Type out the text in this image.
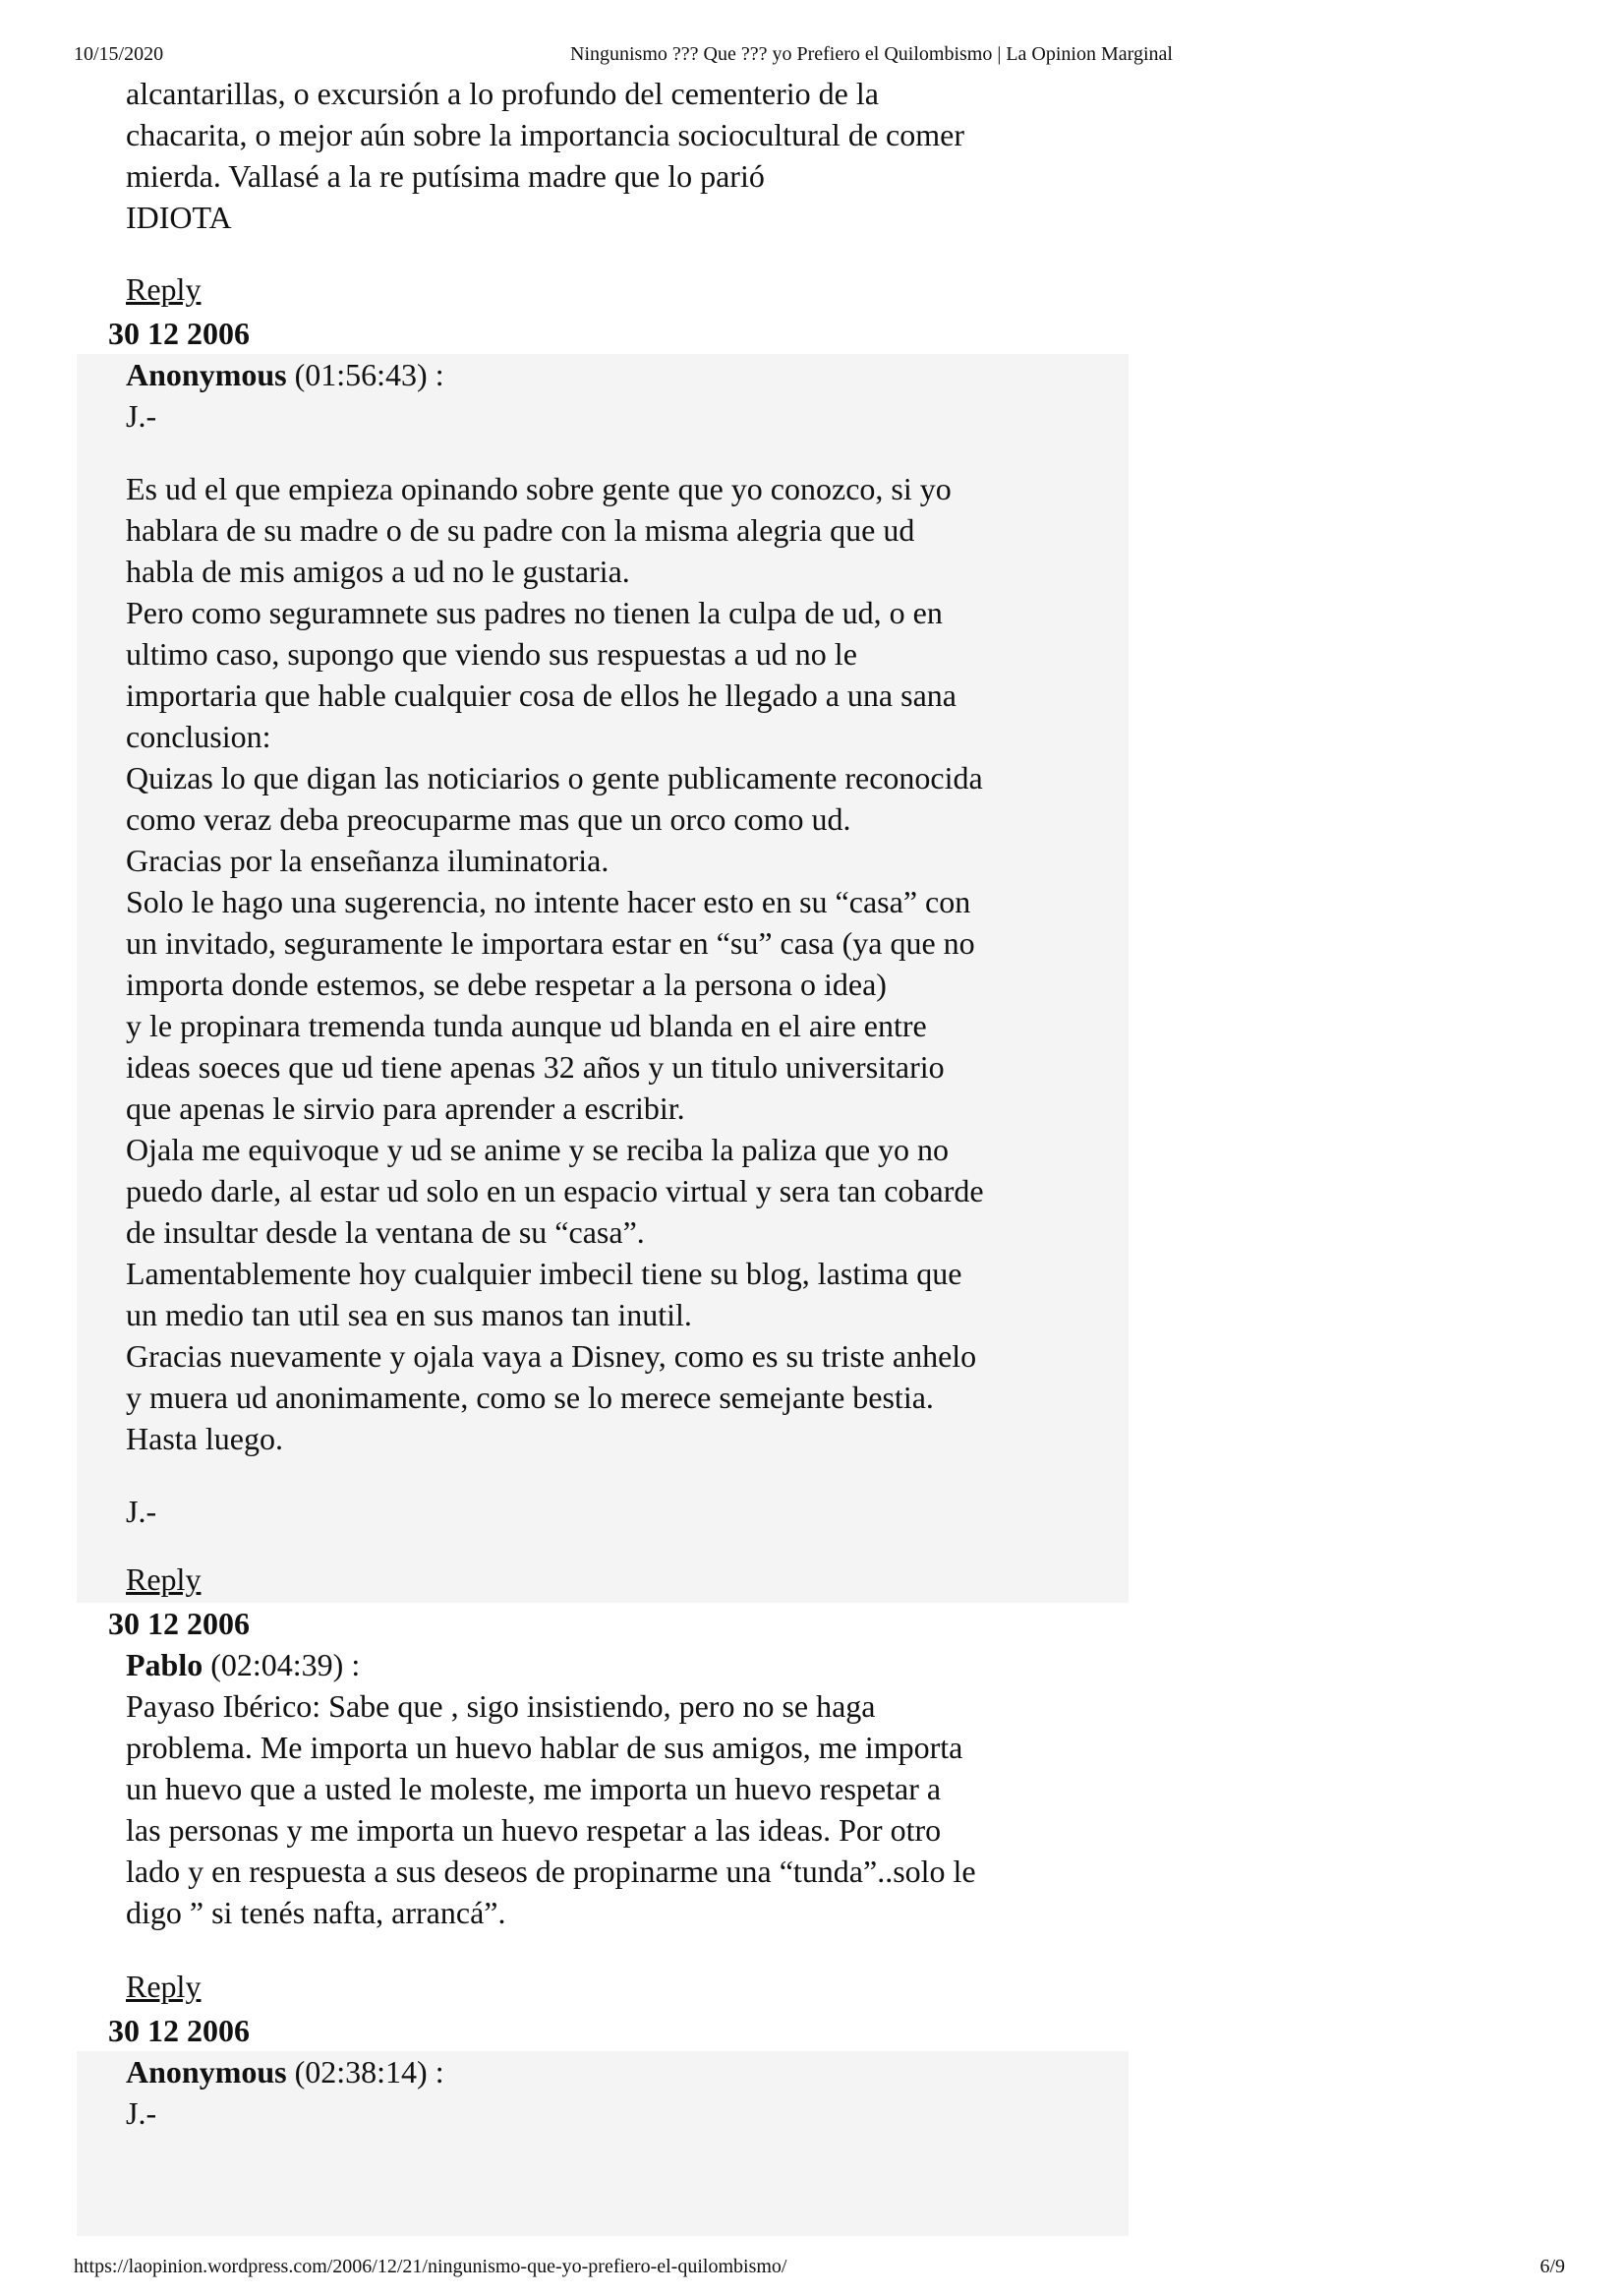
10/15/2020	Ningunismo ??? Que ??? yo Prefiero el Quilombismo | La Opinion Marginal

alcantarillas, o excursión a lo profundo del cementerio de la

chacarita, o mejor aún sobre la importancia sociocultural de comer

mierda. Vallasé a la re putísima madre que lo parió

IDIOTA

Reply
30 12 2006
Anonymous (01:56:43) :

J.-

Es ud el que empieza opinando sobre gente que yo conozco, si yo

hablara de su madre o de su padre con la misma alegria que ud

habla de mis amigos a ud no le gustaria.

Pero como seguramnete sus padres no tienen la culpa de ud, o en

ultimo caso, supongo que viendo sus respuestas a ud no le

importaria que hable cualquier cosa de ellos he llegado a una sana

conclusion:

Quizas lo que digan las noticiarios o gente publicamente reconocida

como veraz deba preocuparme mas que un orco como ud.

Gracias por la enseñanza iluminatoria.

Solo le hago una sugerencia, no intente hacer esto en su “casa” con

un invitado, seguramente le importara estar en “su” casa (ya que no

importa donde estemos, se debe respetar a la persona o idea)

y le propinara tremenda tunda aunque ud blanda en el aire entre

ideas soeces que ud tiene apenas 32 años y un titulo universitario

que apenas le sirvio para aprender a escribir.

Ojala me equivoque y ud se anime y se reciba la paliza que yo no

puedo darle, al estar ud solo en un espacio virtual y sera tan cobarde

de insultar desde la ventana de su “casa”.

Lamentablemente hoy cualquier imbecil tiene su blog, lastima que

un medio tan util sea en sus manos tan inutil.

Gracias nuevamente y ojala vaya a Disney, como es su triste anhelo

y muera ud anonimamente, como se lo merece semejante bestia.

Hasta luego.

J.-

Reply
30 12 2006
Pablo (02:04:39) :

Payaso Ibérico: Sabe que , sigo insistiendo, pero no se haga

problema. Me importa un huevo hablar de sus amigos, me importa

un huevo que a usted le moleste, me importa un huevo respetar a

las personas y me importa un huevo respetar a las ideas. Por otro

lado y en respuesta a sus deseos de propinarme una “tunda”..solo le

digo ” si tenés nafta, arrancá”.

Reply
30 12 2006
Anonymous (02:38:14) :

J.-

https://laopinion.wordpress.com/2006/12/21/ningunismo-que-yo-prefiero-el-quilombismo/	6/9
